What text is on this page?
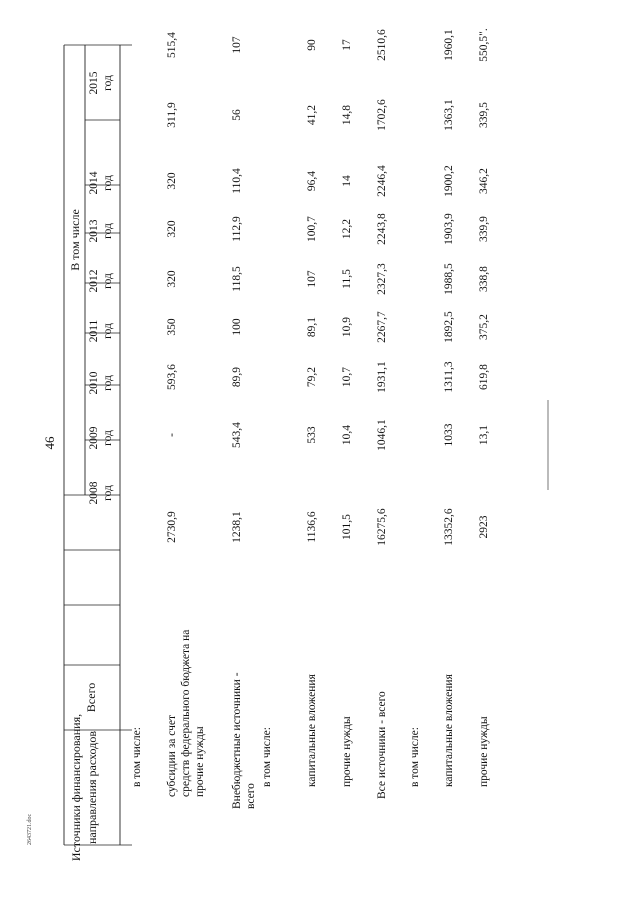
46
Источники финансирования, направления расходов
Всего
В том числе
2008 год
2009 год
2010 год
2011 год
2012 год
2013 год
2014 год
2015 год
в том числе: субсидии за счет средств федерального бюджета на прочие нужды
2730,9
-
593,6
350
320
320
320
311,9
515,4
Внебюджетные источники - всего
1238,1
543,4
89,9
100
118,5
112,9
110,4
56
107
в том числе:	капитальные вложения
1136,6
533
79,2
89,1
107
100,7
96,4
41,2
90
прочие нужды
101,5
10,4
10,7
10,9
11,5
12,2
14
14,8
17
Все источники - всего
16275,6
1046,1
1931,1
2267,7
2327,3
2243,8
2246,4
1702,6
2510,6
в том числе: капитальные вложения
13352,6
1033
1311,3
1892,5
1988,5
1903,9
1900,2
1363,1
1960,1
прочие нужды
2923
13,1
619,8
375,2
338,8
339,9
346,2
339,5
550,5".
2643721.doc
